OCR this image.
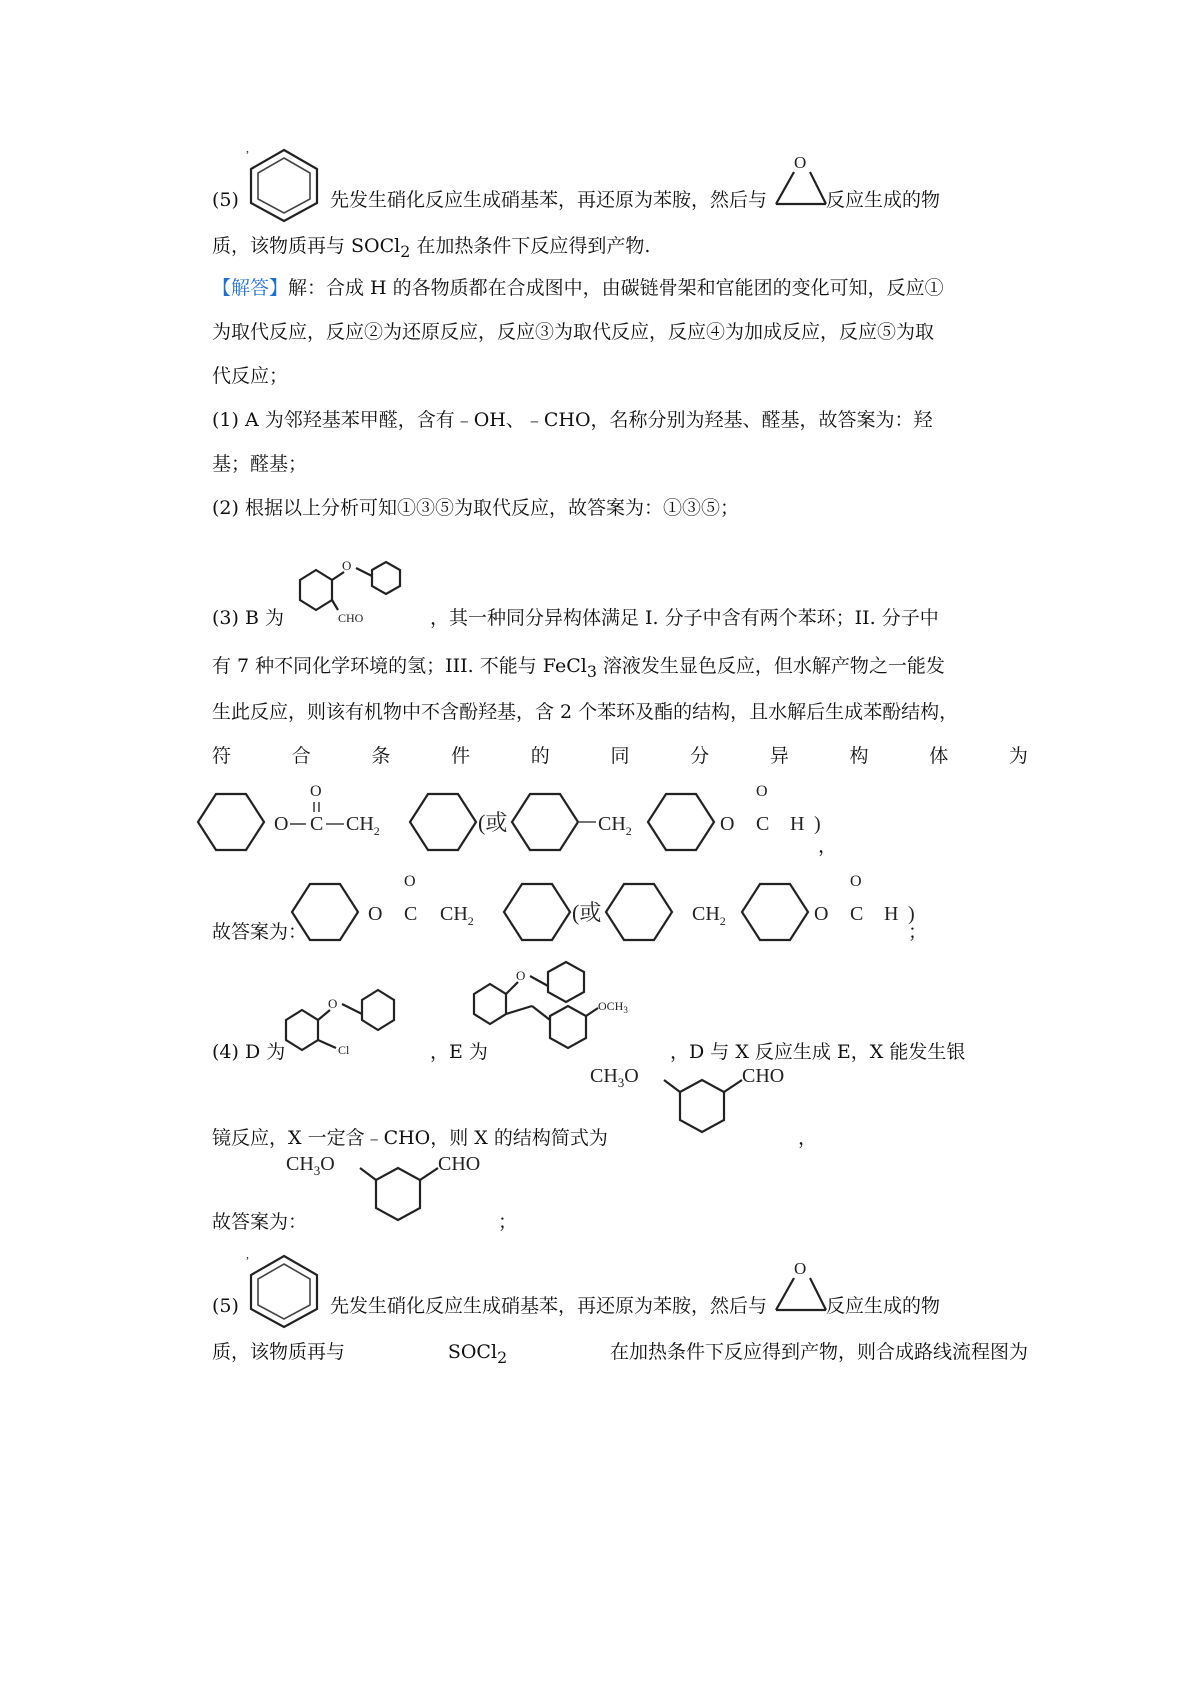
(5)
,
先发生硝化反应生成硝基苯，再还原为苯胺，然后与
O
反应生成的物
质，该物质再与 SOCl$_2$ 在加热条件下反应得到产物.
【解答】解：合成 H 的各物质都在合成图中，由碳链骨架和官能团的变化可知，反应①
为取代反应，反应②为还原反应，反应③为取代反应，反应④为加成反应，反应⑤为取
代反应；
(1) A 为邻羟基苯甲醛，含有﹣OH、﹣CHO，名称分别为羟基、醛基，故答案为：羟
基；醛基；
(2) 根据以上分析可知①③⑤为取代反应，故答案为：①③⑤；
(3) B 为
O
CHO	，其一种同分异构体满足 I. 分子中含有两个苯环；II. 分子中
有 7 种不同化学环境的氢；III. 不能与 FeCl$_3$ 溶液发生显色反应，但水解产物之一能发
生此反应，则该有机物中不含酚羟基，含 2 个苯环及酯的结构，且水解后生成苯酚结构，
符	合	条	件	的	同	分	异	构	体	为
O C
O
$CH_2$	(或	$CH_2$	O C
O
H )
，
故答案为：
O C
O
$CH_2$	(或	$CH_2$	O C
O
H )
；
(4) D 为
O
Cl	，E 为
O
$OCH_3$
，D 与 X 反应生成 E，X 能发生银
镜反应，X 一定含﹣CHO，则 X 的结构简式为
$CH_3O$	CHO
，
故答案为：
$CH_3O$	CHO
；
(5)
,
先发生硝化反应生成硝基苯，再还原为苯胺，然后与
O
反应生成的物
质，该物质再与	SOCl$_2$	在加热条件下反应得到产物，则合成路线流程图为
